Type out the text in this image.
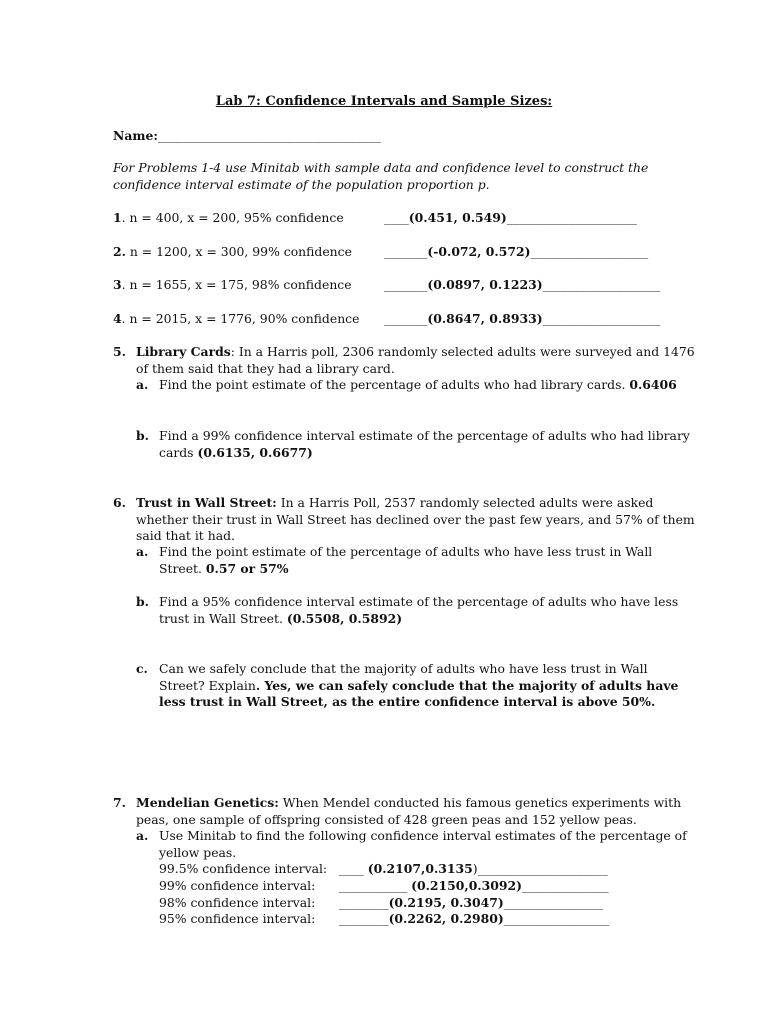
Lab 7: Confidence Intervals and Sample Sizes:
Name:____________________________________
For Problems 1-4 use Minitab with sample data and confidence level to construct the
confidence interval estimate of the population proportion p.
1. n = 400, x = 200, 95% confidence	____(0.451, 0.549)_____________________
2. n = 1200, x = 300, 99% confidence	_______(-0.072, 0.572)___________________
3. n = 1655, x = 175, 98% confidence	_______(0.0897, 0.1223)___________________
4. n = 2015, x = 1776, 90% confidence _______(0.8647, 0.8933)___________________
5. Library Cards: In a Harris poll, 2306 randomly selected adults were surveyed and 1476
of them said that they had a library card.
a. Find the point estimate of the percentage of adults who had library cards. 0.6406
b. Find a 99% confidence interval estimate of the percentage of adults who had library
cards (0.6135, 0.6677)
6. Trust in Wall Street: In a Harris Poll, 2537 randomly selected adults were asked
whether their trust in Wall Street has declined over the past few years, and 57% of them
said that it had.
a. Find the point estimate of the percentage of adults who have less trust in Wall
Street. 0.57 or 57%
b. Find a 95% confidence interval estimate of the percentage of adults who have less
trust in Wall Street. (0.5508, 0.5892)
c. Can we safely conclude that the majority of adults who have less trust in Wall
Street? Explain. Yes, we can safely conclude that the majority of adults have
less trust in Wall Street, as the entire confidence interval is above 50%.
7. Mendelian Genetics: When Mendel conducted his famous genetics experiments with
peas, one sample of offspring consisted of 428 green peas and 152 yellow peas.
a. Use Minitab to find the following confidence interval estimates of the percentage of
yellow peas.
99.5% confidence interval: ____ (0.2107,0.3135)_____________________
99% confidence interval: ___________ (0.2150,0.3092)______________
98% confidence interval: ________(0.2195, 0.3047)________________
95% confidence interval: ________(0.2262, 0.2980)_________________
